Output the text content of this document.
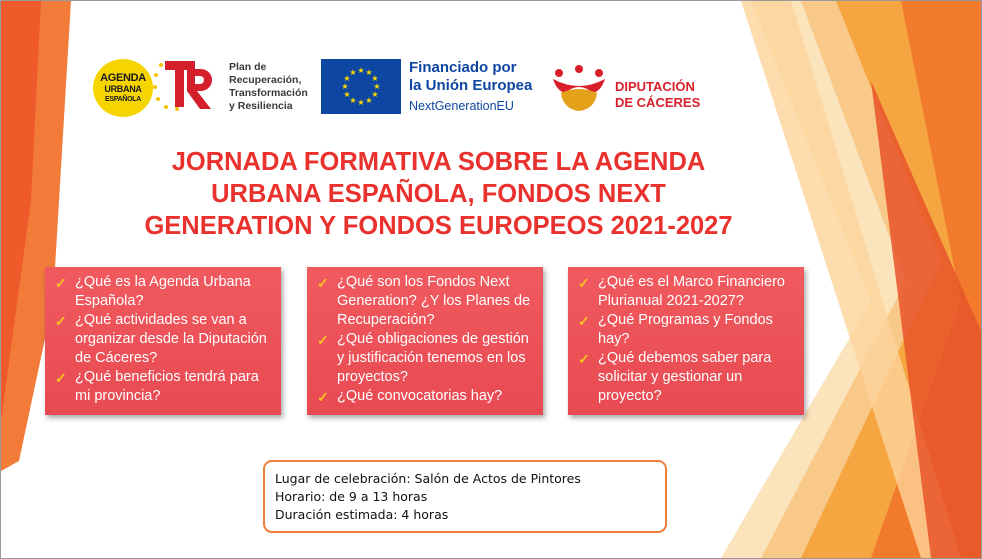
AGENDA
URBANA
ESPAÑOLA
Plan de
Recuperación,
Transformación
y Resiliencia
★ ★
★
★
★
★
★
★
★
★
★
★	Financiado por
la Unión Europea
NextGenerationEU
DIPUTACIÓN
DE CÁCERES
JORNADA FORMATIVA SOBRE LA AGENDA
URBANA ESPAÑOLA, FONDOS NEXT
GENERATION Y FONDOS EUROPEOS 2021-2027
✓ ¿Qué es la Agenda Urbana Española?
✓ ¿Qué actividades se van a organizar desde la Diputación de Cáceres?
✓ ¿Qué beneficios tendrá para mi provincia?
✓ ¿Qué son los Fondos Next Generation? ¿Y los Planes de Recuperación?
✓ ¿Qué obligaciones de gestión y justificación tenemos en los proyectos?
✓ ¿Qué convocatorias hay?
✓ ¿Qué es el Marco Financiero Plurianual 2021-2027?
✓ ¿Qué Programas y Fondos hay?
✓ ¿Qué debemos saber para solicitar y gestionar un proyecto?
Lugar de celebración: Salón de Actos de Pintores
Horario: de 9 a 13 horas
Duración estimada: 4 horas
